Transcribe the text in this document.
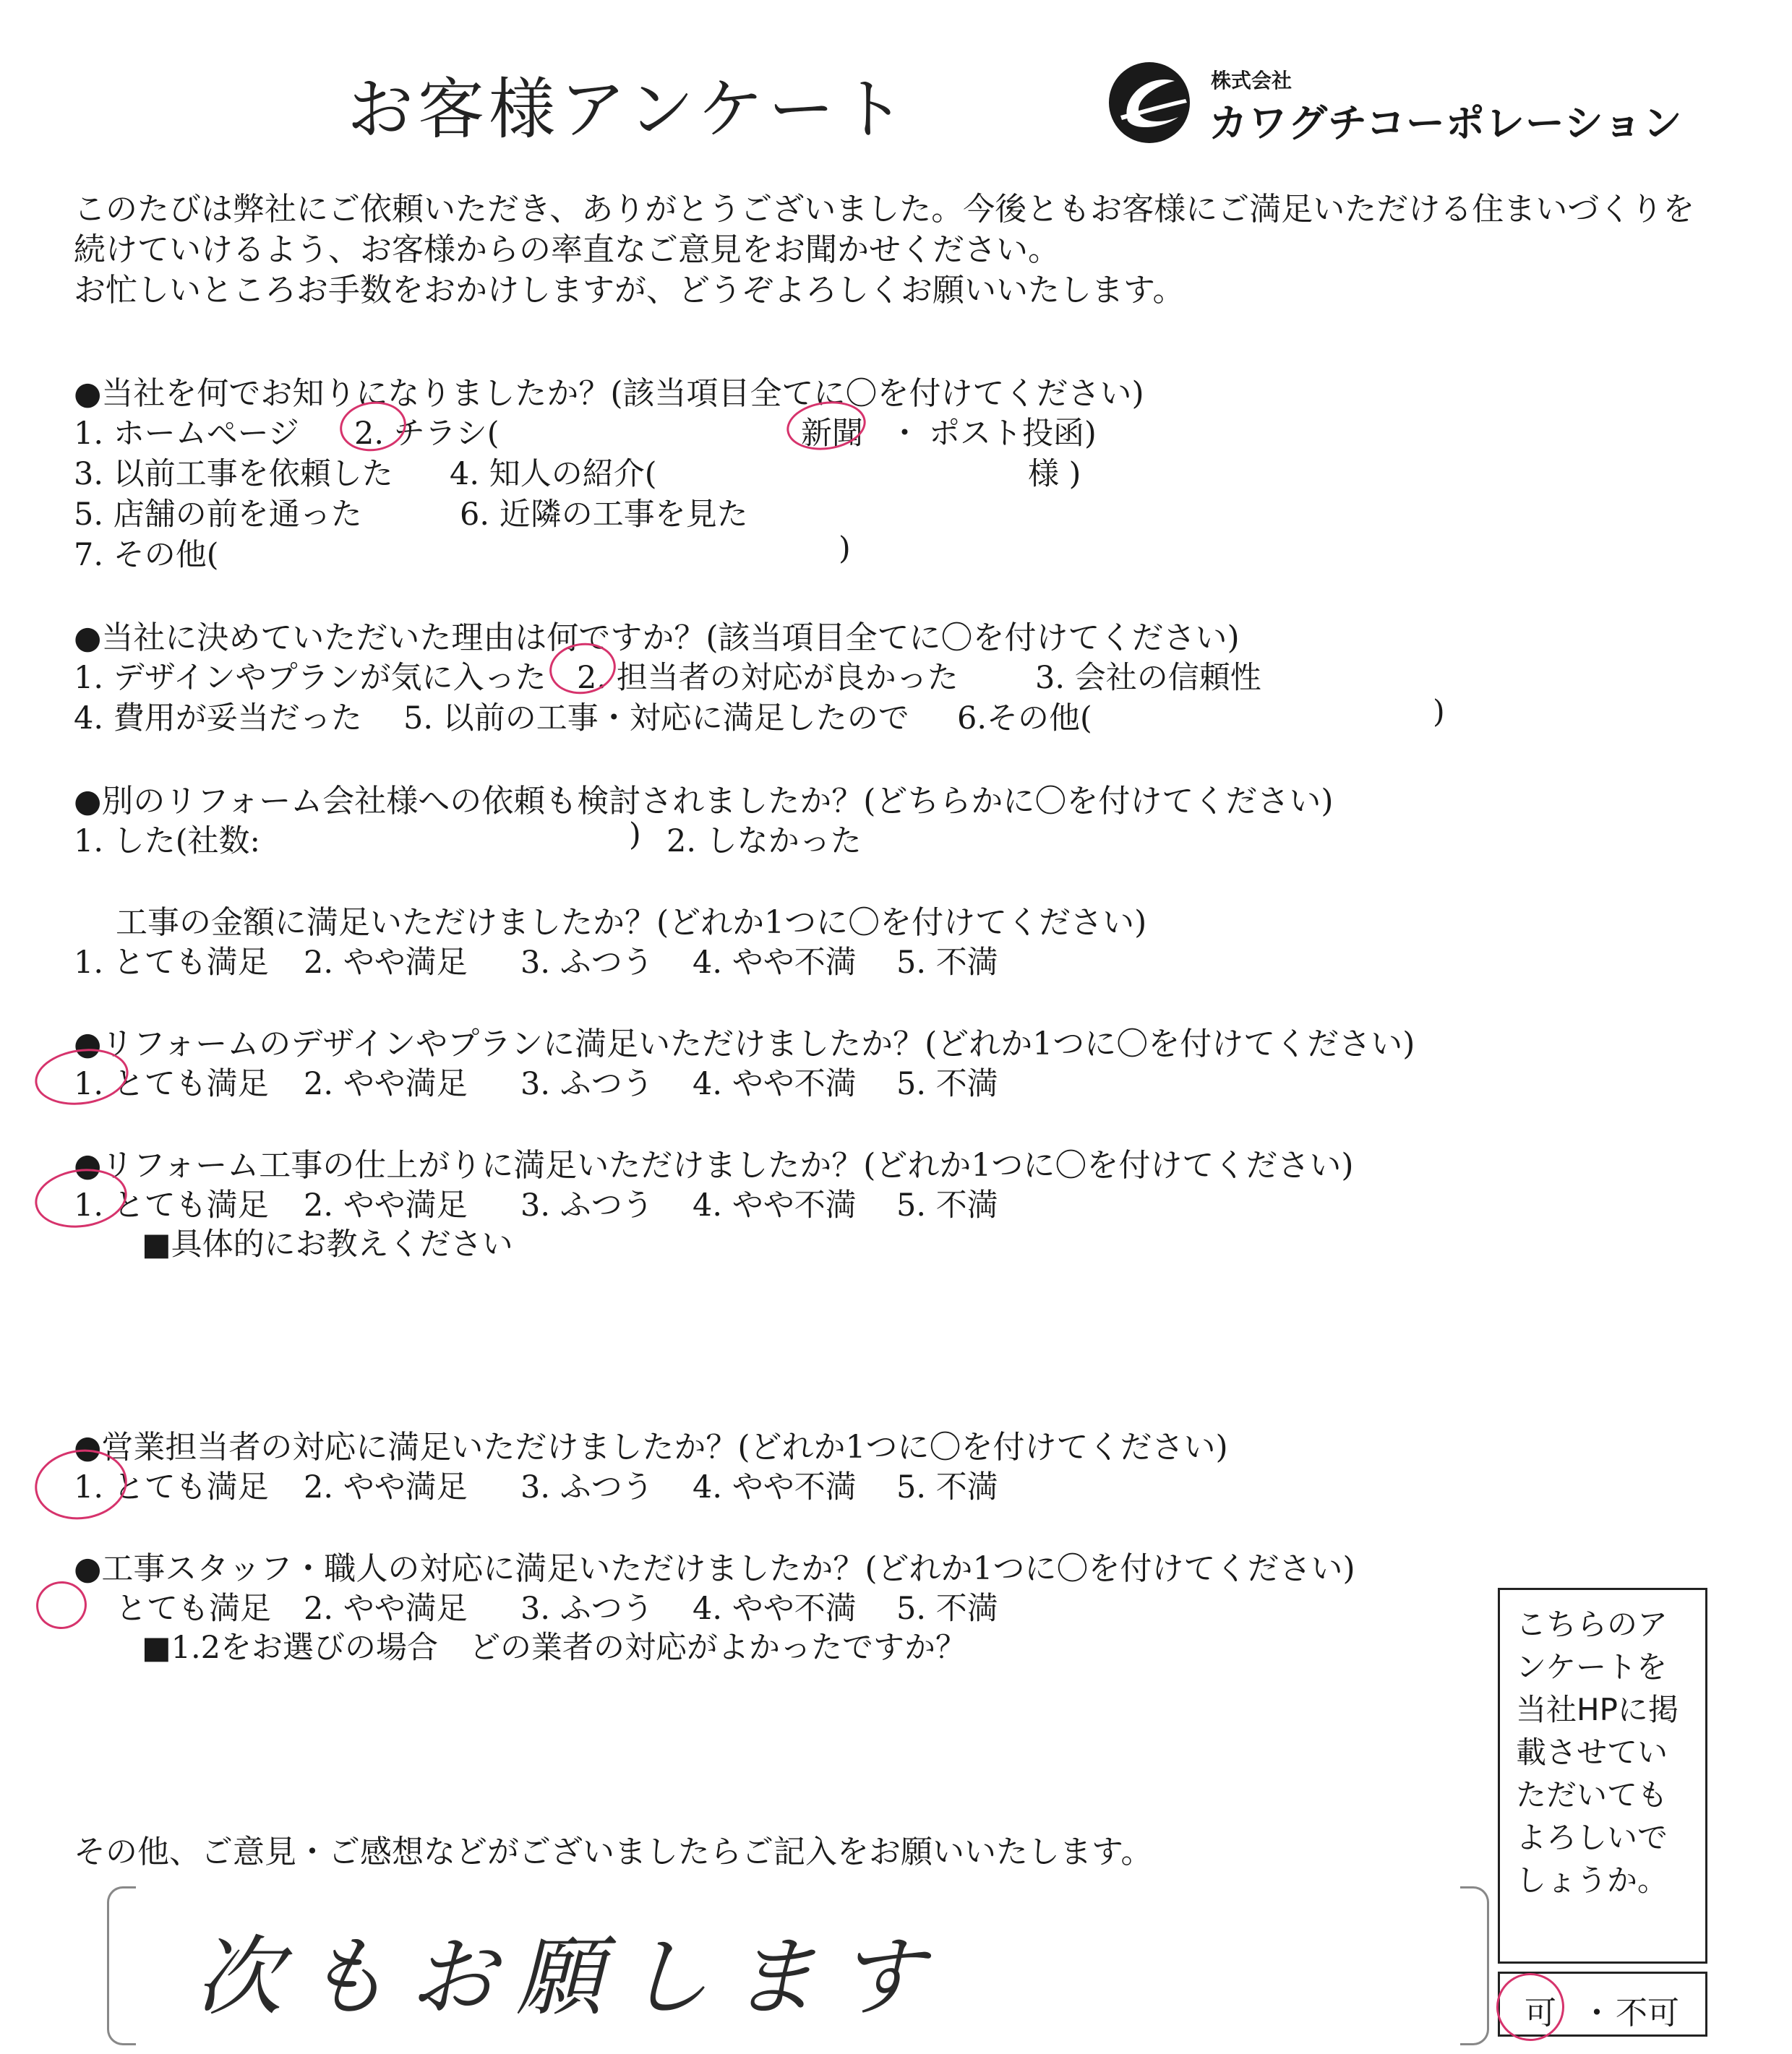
お客様アンケート	株式会社
カワグチコーポレーション
このたびは弊社にご依頼いただき、ありがとうございました。今後ともお客様にご満足いただける住まいづくりを
続けていけるよう、お客様からの率直なご意見をお聞かせください。
お忙しいところお手数をおかけしますが、どうぞよろしくお願いいたします。
●当社を何でお知りになりましたか？(該当項目全てに〇を付けてください)
1. ホームページ 2. チラシ(	新聞 ・ ポスト投函)
3. 以前工事を依頼した 4. 知人の紹介(	様 )
5. 店舗の前を通った	6. 近隣の工事を見た
7. その他(	)
●当社に決めていただいた理由は何ですか？(該当項目全てに〇を付けてください)
1. デザインやプランが気に入った 2. 担当者の対応が良かった 3. 会社の信頼性
4. 費用が妥当だった 5. 以前の工事・対応に満足したので 6.その他(	)
●別のリフォーム会社様への依頼も検討されましたか？(どちらかに〇を付けてください)
1. した(社数:	) 2. しなかった
工事の金額に満足いただけましたか？(どれか1つに〇を付けてください)
1. とても満足 2. やや満足 3. ふつう 4. やや不満 5. 不満
●リフォームのデザインやプランに満足いただけましたか？(どれか1つに〇を付けてください)
1. とても満足 2. やや満足 3. ふつう 4. やや不満 5. 不満
●リフォーム工事の仕上がりに満足いただけましたか？(どれか1つに〇を付けてください)
1. とても満足 2. やや満足 3. ふつう 4. やや不満 5. 不満
■具体的にお教えください
●営業担当者の対応に満足いただけましたか？(どれか1つに〇を付けてください)
1. とても満足 2. やや満足 3. ふつう 4. やや不満 5. 不満
●工事スタッフ・職人の対応に満足いただけましたか？(どれか1つに〇を付けてください)
とても満足 2. やや満足 3. ふつう 4. やや不満 5. 不満
■1.2をお選びの場合　どの業者の対応がよかったですか？
その他、ご意見・ご感想などがございましたらご記入をお願いいたします。
次もお願します
こちらのアンケートを 当社HPに掲載させていただいてもよろしいでしょうか。
可 ・ 不可
